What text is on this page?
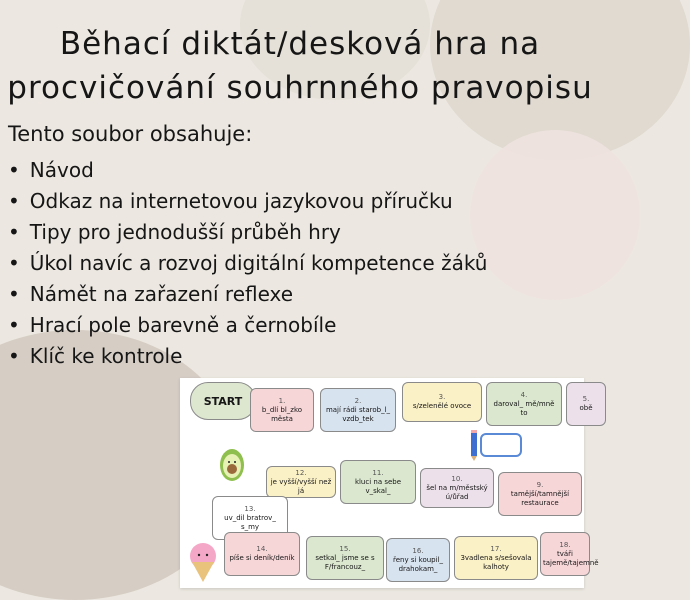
Běhací diktát/desková hra na
procvičování souhrnného pravopisu
Tento soubor obsahuje:
• Návod
• Odkaz na internetovou jazykovou příručku
• Tipy pro jednodušší průběh hry
• Úkol navíc a rozvoj digitální kompetence žáků
• Námět na zařazení reflexe
• Hrací pole barevně a černobíle
• Klíč ke kontrole
START	1.
b_dlí bl_zko města
2.
mají rádi starob_l_ vzdb_tek
3.
s/zelenělé ovoce
4.
daroval_ mě/mně to
5.
obě
9.
tamější/tamnější restaurace
10.
šel na m/městský ú/ůřad
11.
kluci na sebe v_skal_
12.
je vyšší/vyšší než já
13.
uv_dil bratrov_ s_my
14.
píše si deník/deník
15.
setkal_ jsme se s F/francouz_
16.
řeny si koupil_ drahokam_
17.
3vadlena s/sešovala kalhoty
18.
tváři tajemě/tajemně
